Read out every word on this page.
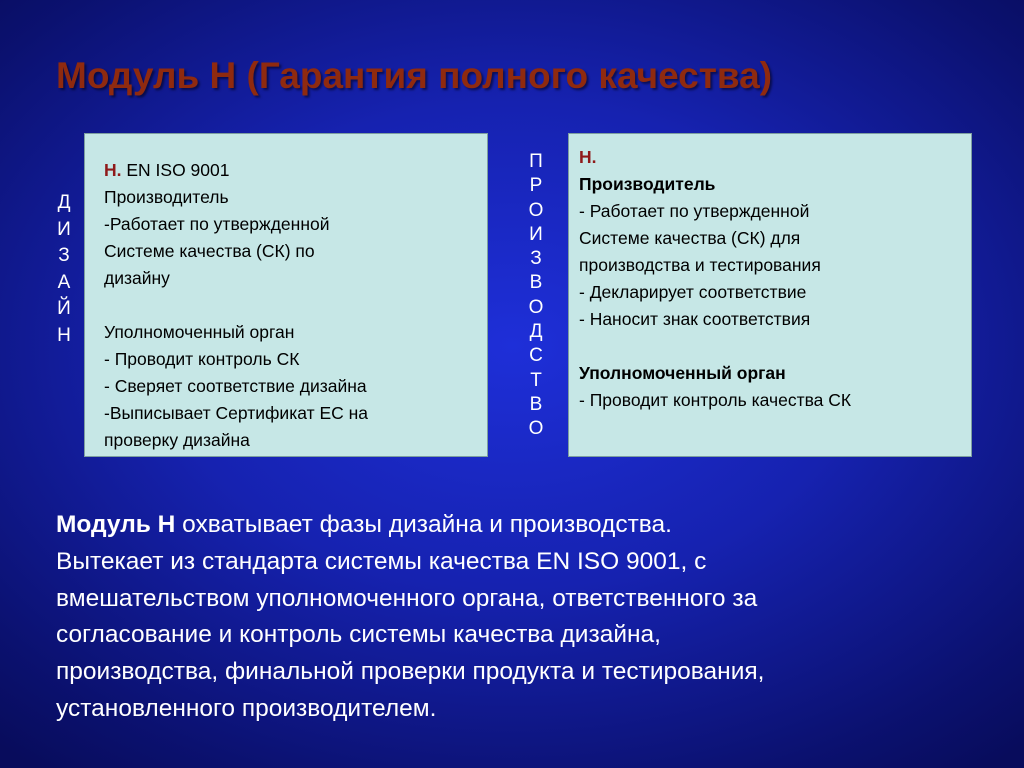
Модуль Н (Гарантия полного качества)
Д
И
З
А
Й
Н
Н. EN ISO 9001
Производитель
-Работает по утвержденной
Системе качества (СК) по
дизайну
Уполномоченный орган
- Проводит контроль СК
- Сверяет соответствие дизайна
-Выписывает Сертификат ЕС на
проверку дизайна
П
Р
О
И
З
В
О
Д
С
Т
В
О
Н.
Производитель
- Работает по утвержденной
Системе качества (СК) для
производства и тестирования
- Декларирует соответствие
- Наносит знак соответствия
Уполномоченный орган
- Проводит контроль качества СК
Модуль Н охватывает фазы дизайна и производства.
Вытекает из стандарта системы качества EN ISO 9001, с
вмешательством уполномоченного органа, ответственного за
согласование и контроль системы качества дизайна,
производства, финальной проверки продукта и тестирования,
установленного производителем.
